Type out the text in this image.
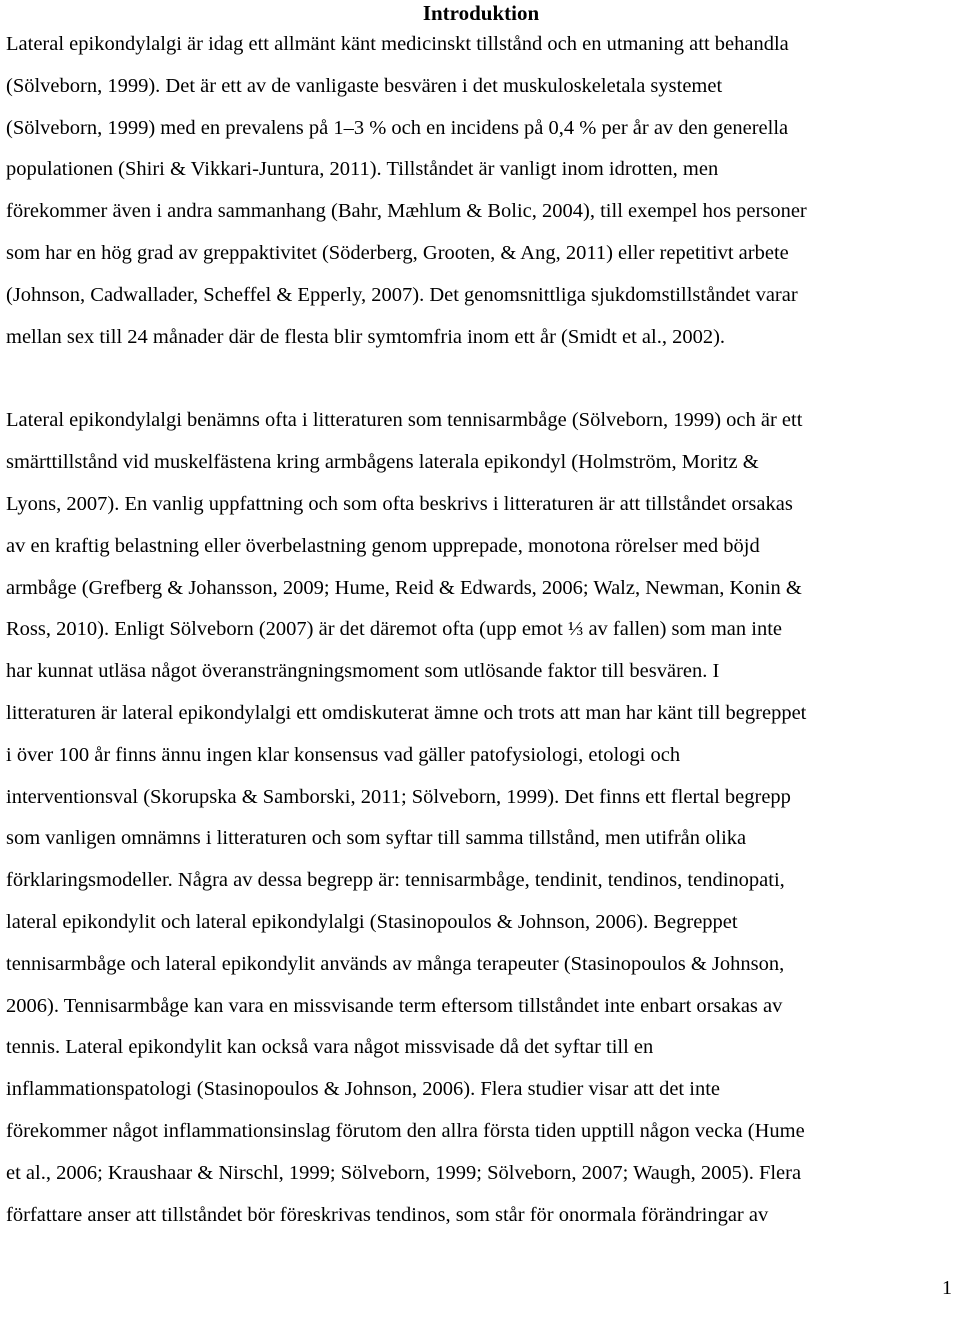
Introduktion

Lateral epikondylalgi är idag ett allmänt känt medicinskt tillstånd och en utmaning att behandla
(Sölveborn, 1999). Det är ett av de vanligaste besvären i det muskuloskeletala systemet
(Sölveborn, 1999) med en prevalens på 1–3 % och en incidens på 0,4 % per år av den generella
populationen (Shiri & Vikkari-Juntura, 2011). Tillståndet är vanligt inom idrotten, men
förekommer även i andra sammanhang (Bahr, Mæhlum & Bolic, 2004), till exempel hos personer
som har en hög grad av greppaktivitet (Söderberg, Grooten, & Ang, 2011) eller repetitivt arbete
(Johnson, Cadwallader, Scheffel & Epperly, 2007). Det genomsnittliga sjukdomstillståndet varar
mellan sex till 24 månader där de flesta blir symtomfria inom ett år (Smidt et al., 2002).

Lateral epikondylalgi benämns ofta i litteraturen som tennisarmbåge (Sölveborn, 1999) och är ett
smärttillstånd vid muskelfästena kring armbågens laterala epikondyl (Holmström, Moritz &
Lyons, 2007). En vanlig uppfattning och som ofta beskrivs i litteraturen är att tillståndet orsakas
av en kraftig belastning eller överbelastning genom upprepade, monotona rörelser med böjd
armbåge (Grefberg & Johansson, 2009; Hume, Reid & Edwards, 2006; Walz, Newman, Konin &
Ross, 2010). Enligt Sölveborn (2007) är det däremot ofta (upp emot ⅓ av fallen) som man inte
har kunnat utläsa något överansträngningsmoment som utlösande faktor till besvären. I
litteraturen är lateral epikondylalgi ett omdiskuterat ämne och trots att man har känt till begreppet
i över 100 år finns ännu ingen klar konsensus vad gäller patofysiologi, etologi och
interventionsval (Skorupska & Samborski, 2011; Sölveborn, 1999). Det finns ett flertal begrepp
som vanligen omnämns i litteraturen och som syftar till samma tillstånd, men utifrån olika
förklaringsmodeller. Några av dessa begrepp är: tennisarmbåge, tendinit, tendinos, tendinopati,
lateral epikondylit och lateral epikondylalgi (Stasinopoulos & Johnson, 2006). Begreppet
tennisarmbåge och lateral epikondylit används av många terapeuter (Stasinopoulos & Johnson,
2006). Tennisarmbåge kan vara en missvisande term eftersom tillståndet inte enbart orsakas av
tennis. Lateral epikondylit kan också vara något missvisade då det syftar till en
inflammationspatologi (Stasinopoulos & Johnson, 2006). Flera studier visar att det inte
förekommer något inflammationsinslag förutom den allra första tiden upptill någon vecka (Hume
et al., 2006; Kraushaar & Nirschl, 1999; Sölveborn, 1999; Sölveborn, 2007; Waugh, 2005). Flera
författare anser att tillståndet bör föreskrivas tendinos, som står för onormala förändringar av

1
